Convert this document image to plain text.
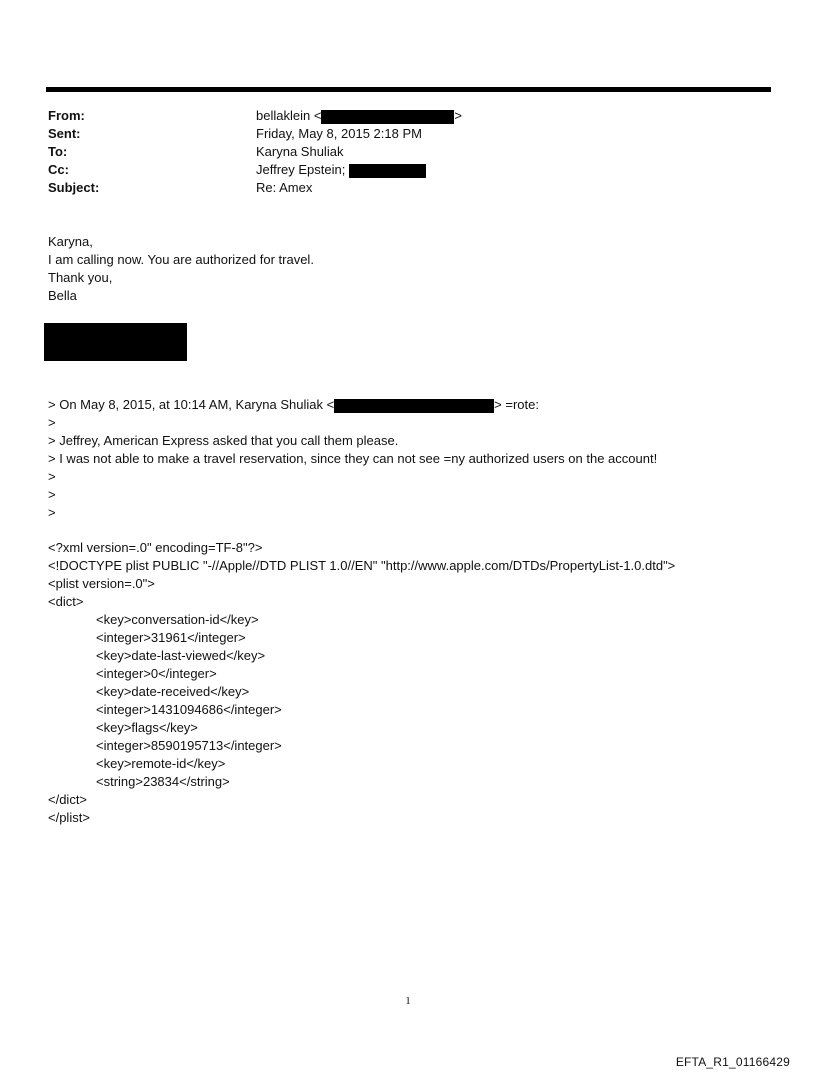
From:	bellaklein <	>
Sent:	Friday, May 8, 2015 2:18 PM
To:	Karyna Shuliak
Cc:	Jeffrey Epstein;
Subject:	Re: Amex
Karyna,
I am calling now. You are authorized for travel.
Thank you,
Bella
> On May 8, 2015, at 10:14 AM, Karyna Shuliak <	> =rote:
>
> Jeffrey, American Express asked that you call them please.
> I was not able to make a travel reservation, since they can not see =ny authorized users on the account!
>
>
>
<?xml version=.0" encoding=TF-8"?>
<!DOCTYPE plist PUBLIC "-//Apple//DTD PLIST 1.0//EN" "http://www.apple.com/DTDs/PropertyList-1.0.dtd">
<plist version=.0">
<dict>
<key>conversation-id</key>
<integer>31961</integer>
<key>date-last-viewed</key>
<integer>0</integer>
<key>date-received</key>
<integer>1431094686</integer>
<key>flags</key>
<integer>8590195713</integer>
<key>remote-id</key>
<string>23834</string>
</dict>
</plist>
1
EFTA_R1_01166429
